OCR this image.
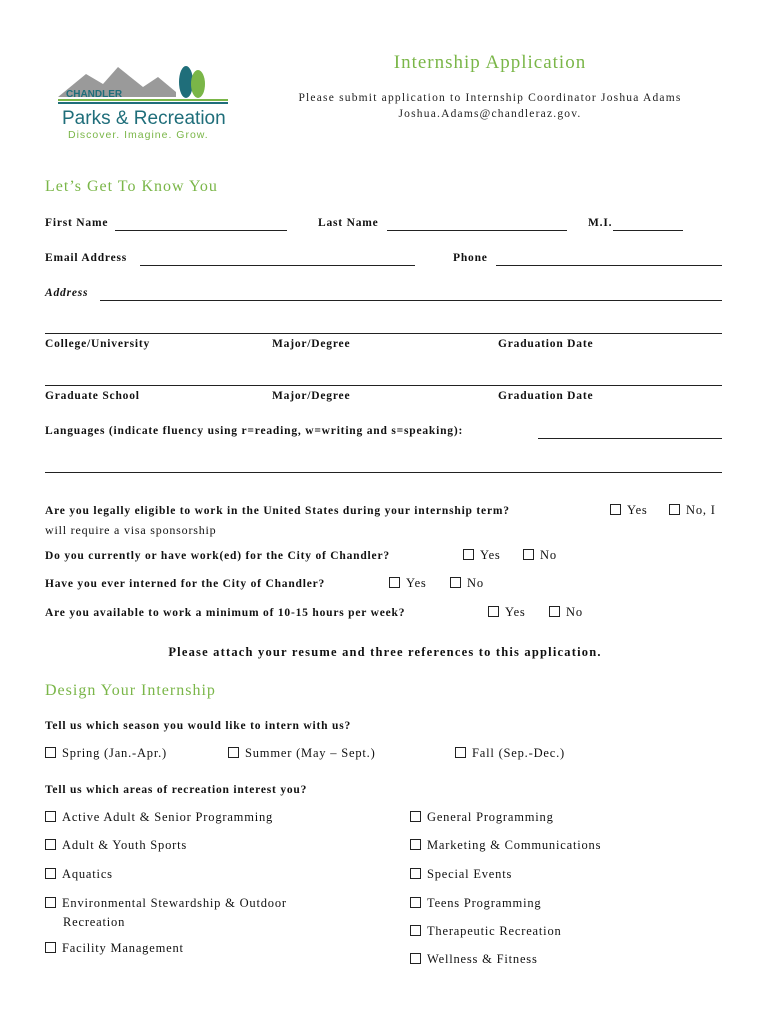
CHANDLER
Parks & Recreation
Discover. Imagine. Grow.
Internship Application
Please submit application to Internship Coordinator Joshua Adams
Joshua.Adams@chandleraz.gov.
Let’s Get To Know You
First Name	Last Name	M.I.
Email Address	Phone
Address
College/University	Major/Degree	Graduation Date
Graduate School	Major/Degree	Graduation Date
Languages (indicate fluency using r=reading, w=writing and s=speaking):
Are you legally eligible to work in the United States during your internship term?	Yes	No, I
will require a visa sponsorship
Do you currently or have work(ed) for the City of Chandler?	Yes	No
Have you ever interned for the City of Chandler?	Yes	No
Are you available to work a minimum of 10-15 hours per week?	Yes	No
Please attach your resume and three references to this application.
Design Your Internship
Tell us which season you would like to intern with us?
Spring (Jan.-Apr.)	Summer (May – Sept.)	Fall (Sep.-Dec.)
Tell us which areas of recreation interest you?
Active Adult & Senior Programming
Adult & Youth Sports
Aquatics
Environmental Stewardship & Outdoor
Recreation
Facility Management
General Programming
Marketing & Communications
Special Events
Teens Programming
Therapeutic Recreation
Wellness & Fitness
